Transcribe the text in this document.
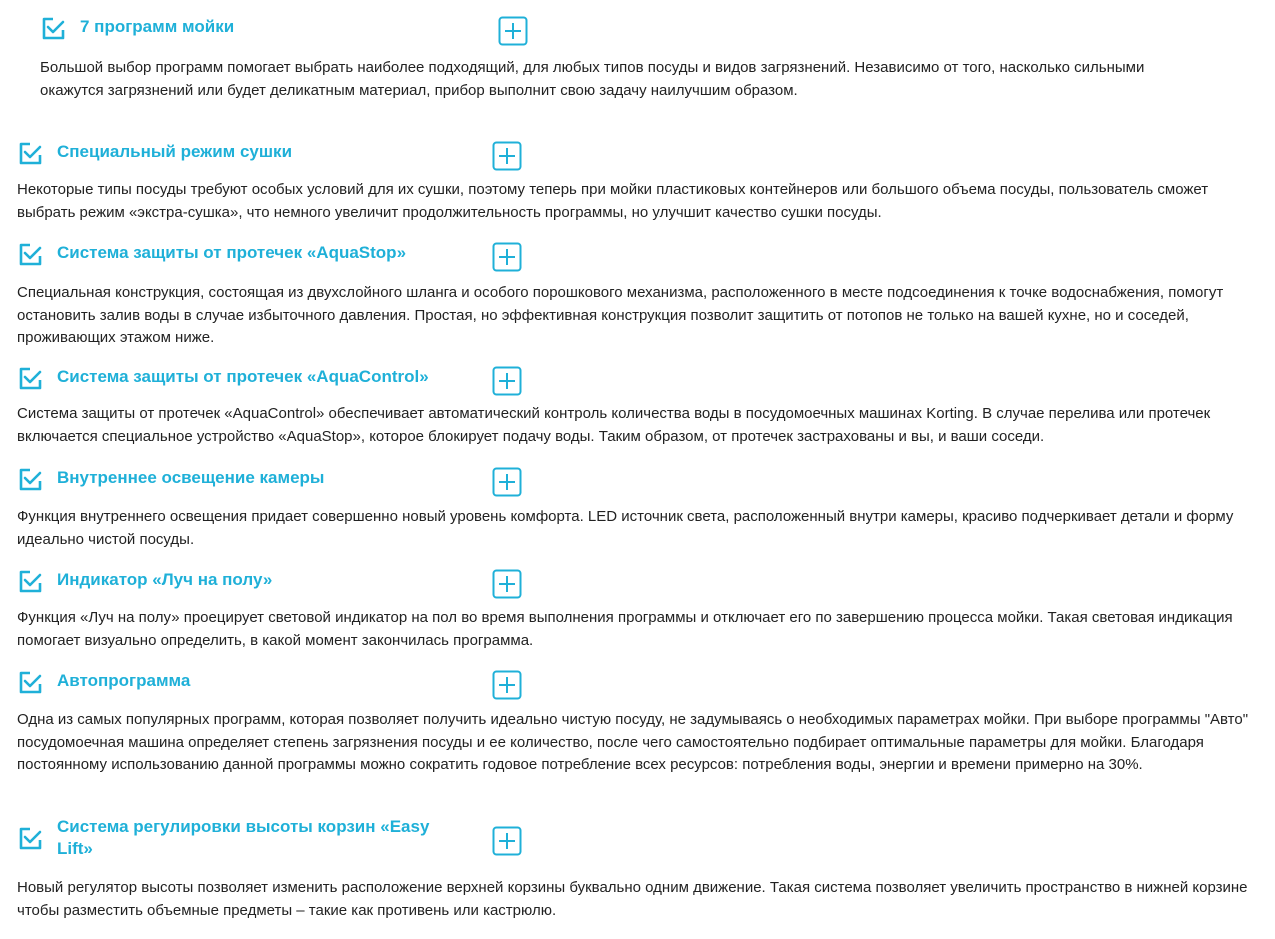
7 программ мойки
Большой выбор программ помогает выбрать наиболее подходящий, для любых типов посуды и видов загрязнений. Независимо от того, насколько сильными окажутся загрязнений или будет деликатным материал, прибор выполнит свою задачу наилучшим образом.
Специальный режим сушки
Некоторые типы посуды требуют особых условий для их сушки, поэтому теперь при мойки пластиковых контейнеров или большого объема посуды, пользователь сможет выбрать режим «экстра-сушка», что немного увеличит продолжительность программы, но улучшит качество сушки посуды.
Система защиты от протечек «AquaStop»
Специальная конструкция, состоящая из двухслойного шланга и особого порошкового механизма, расположенного в месте подсоединения к точке водоснабжения, помогут остановить залив воды в случае избыточного давления. Простая, но эффективная конструкция позволит защитить от потопов не только на вашей кухне, но и соседей, проживающих этажом ниже.
Система защиты от протечек «AquaControl»
Система защиты от протечек «AquaControl» обеспечивает автоматический контроль количества воды в посудомоечных машинах Korting. В случае перелива или протечек включается специальное устройство «AquaStop», которое блокирует подачу воды. Таким образом, от протечек застрахованы и вы, и ваши соседи.
Внутреннее освещение камеры
Функция внутреннего освещения придает совершенно новый уровень комфорта. LED источник света, расположенный внутри камеры, красиво подчеркивает детали и форму идеально чистой посуды.
Индикатор «Луч на полу»
Функция «Луч на полу» проецирует световой индикатор на пол во время выполнения программы и отключает его по завершению процесса мойки. Такая световая индикация помогает визуально определить, в какой момент закончилась программа.
Автопрограмма
Одна из самых популярных программ, которая позволяет получить идеально чистую посуду, не задумываясь о необходимых параметрах мойки. При выборе программы "Авто" посудомоечная машина определяет степень загрязнения посуды и ее количество, после чего самостоятельно подбирает оптимальные параметры для мойки. Благодаря постоянному использованию данной программы можно сократить годовое потребление всех ресурсов: потребления воды, энергии и времени примерно на 30%.
Система регулировки высоты корзин «Easy Lift»
Новый регулятор высоты позволяет изменить расположение верхней корзины буквально одним движение. Такая система позволяет увеличить пространство в нижней корзине чтобы разместить объемные предметы – такие как противень или кастрюлю.
